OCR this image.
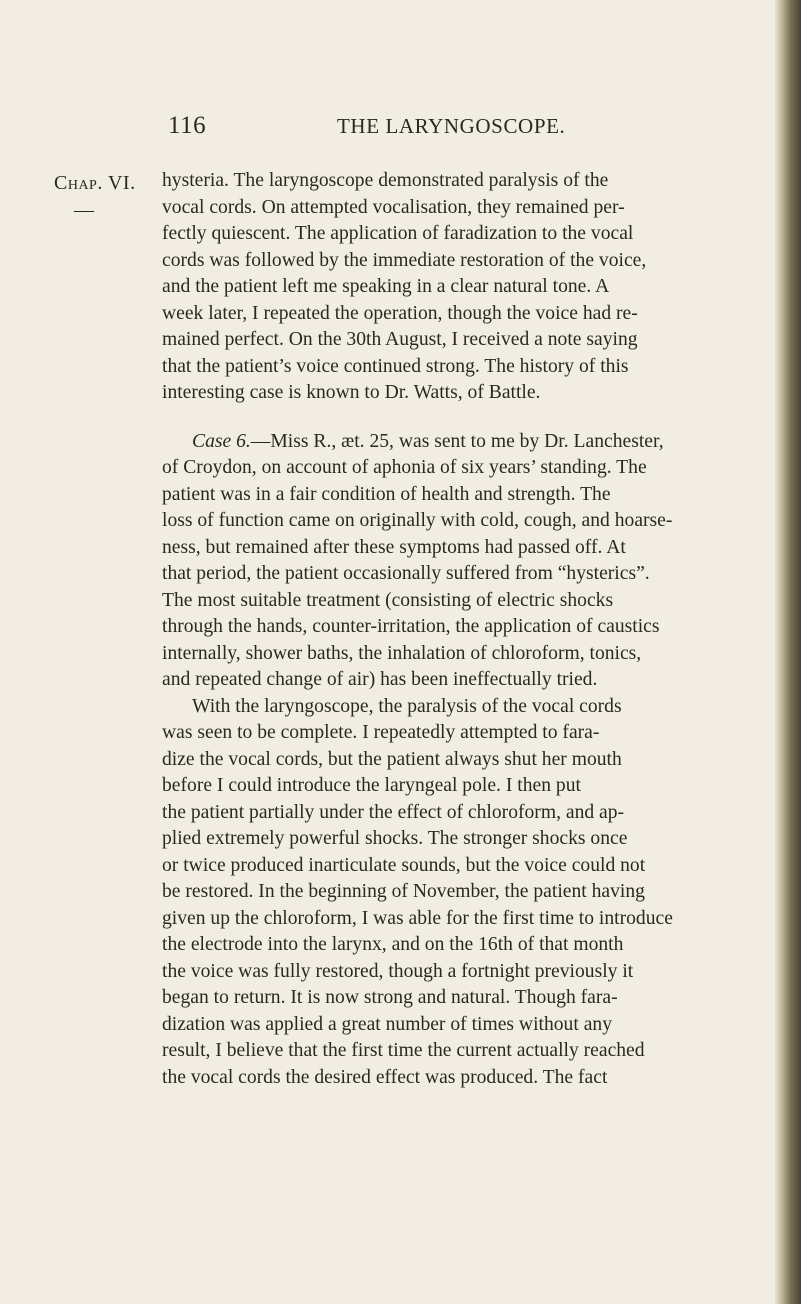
116	THE LARYNGOSCOPE.
Chap. VI.
—
hysteria. The laryngoscope demonstrated paralysis of the
vocal cords. On attempted vocalisation, they remained per-
fectly quiescent. The application of faradization to the vocal
cords was followed by the immediate restoration of the voice,
and the patient left me speaking in a clear natural tone. A
week later, I repeated the operation, though the voice had re-
mained perfect. On the 30th August, I received a note saying
that the patient’s voice continued strong. The history of this
interesting case is known to Dr. Watts, of Battle.
Case 6.—Miss R., æt. 25, was sent to me by Dr. Lanchester,
of Croydon, on account of aphonia of six years’ standing. The
patient was in a fair condition of health and strength. The
loss of function came on originally with cold, cough, and hoarse-
ness, but remained after these symptoms had passed off. At
that period, the patient occasionally suffered from “hysterics”.
The most suitable treatment (consisting of electric shocks
through the hands, counter-irritation, the application of caustics
internally, shower baths, the inhalation of chloroform, tonics,
and repeated change of air) has been ineffectually tried.
With the laryngoscope, the paralysis of the vocal cords
was seen to be complete. I repeatedly attempted to fara-
dize the vocal cords, but the patient always shut her mouth
before I could introduce the laryngeal pole. I then put
the patient partially under the effect of chloroform, and ap-
plied extremely powerful shocks. The stronger shocks once
or twice produced inarticulate sounds, but the voice could not
be restored. In the beginning of November, the patient having
given up the chloroform, I was able for the first time to introduce
the electrode into the larynx, and on the 16th of that month
the voice was fully restored, though a fortnight previously it
began to return. It is now strong and natural. Though fara-
dization was applied a great number of times without any
result, I believe that the first time the current actually reached
the vocal cords the desired effect was produced. The fact
